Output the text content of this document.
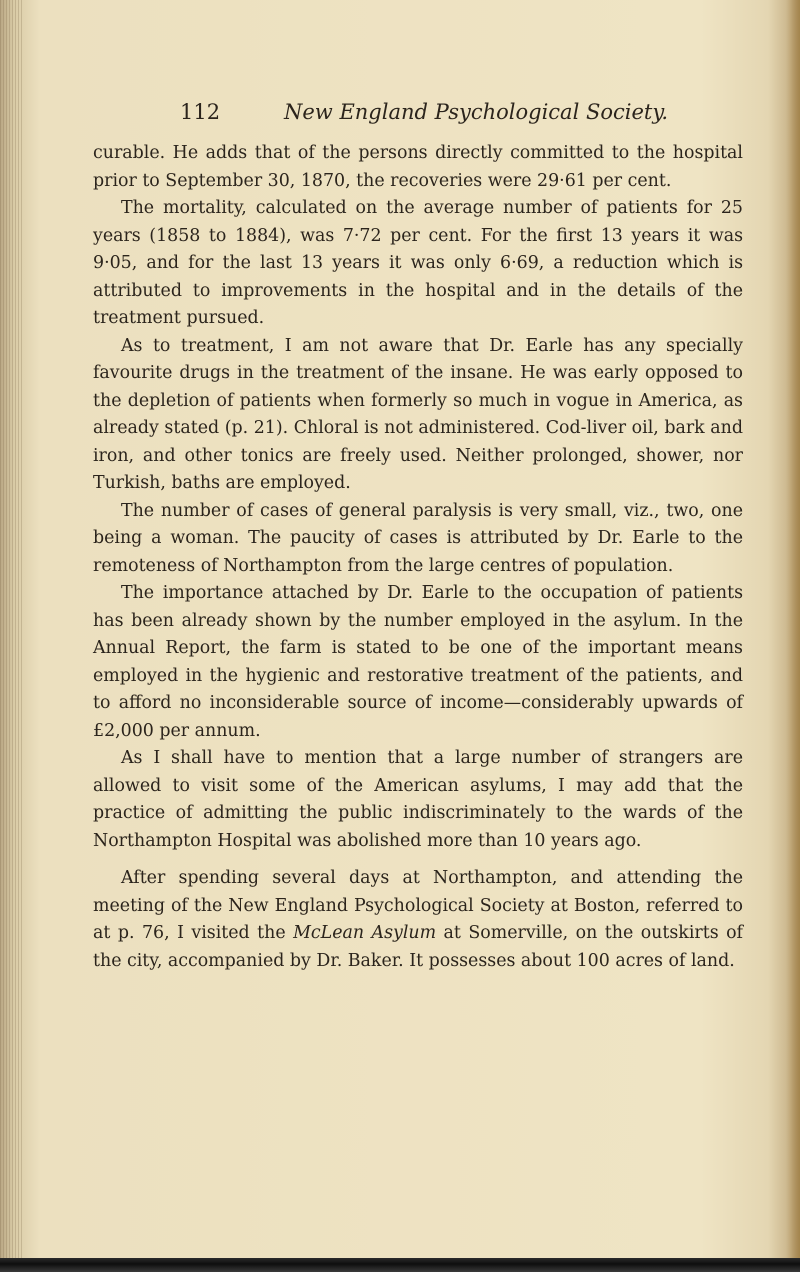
112	New England Psychological Society.

curable. He adds that of the persons directly committed to the hospital prior to September 30, 1870, the recoveries were 29·61 per cent.

The mortality, calculated on the average number of patients for 25 years (1858 to 1884), was 7·72 per cent. For the first 13 years it was 9·05, and for the last 13 years it was only 6·69, a reduction which is attributed to improvements in the hospital and in the details of the treatment pursued.

As to treatment, I am not aware that Dr. Earle has any specially favourite drugs in the treatment of the insane. He was early opposed to the depletion of patients when formerly so much in vogue in America, as already stated (p. 21). Chloral is not administered. Cod-liver oil, bark and iron, and other tonics are freely used. Neither prolonged, shower, nor Turkish, baths are employed.

The number of cases of general paralysis is very small, viz., two, one being a woman. The paucity of cases is attributed by Dr. Earle to the remoteness of Northampton from the large centres of population.

The importance attached by Dr. Earle to the occupation of patients has been already shown by the number employed in the asylum. In the Annual Report, the farm is stated to be one of the important means employed in the hygienic and restorative treatment of the patients, and to afford no inconsiderable source of income—considerably upwards of £2,000 per annum.

As I shall have to mention that a large number of strangers are allowed to visit some of the American asylums, I may add that the practice of admitting the public indiscriminately to the wards of the Northampton Hospital was abolished more than 10 years ago.

After spending several days at Northampton, and attending the meeting of the New England Psychological Society at Boston, referred to at p. 76, I visited the McLean Asylum at Somerville, on the outskirts of the city, accompanied by Dr. Baker. It possesses about 100 acres of land.
